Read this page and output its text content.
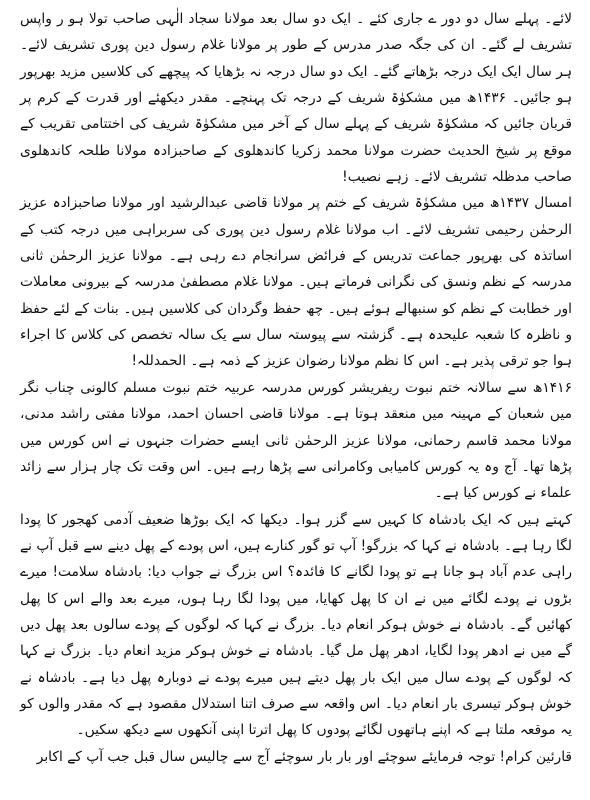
لائے۔ پہلے سال دو دور ے جاری کئے ۔ ایک دو سال بعد مولانا سجاد الٰہی صاحب تولا ہو ر واپس تشریف لے گئے۔ ان کی جگہ صدر مدرس کے طور پر مولانا غلام رسول دین پوری تشریف لائے۔ ہر سال ایک ایک درجہ بڑھاتے گئے۔ ایک دو سال درجہ نہ بڑھایا کہ پیچھے کی کلاسیں مزید بھرپور ہو جائیں۔ ۱۴۳۶ھ میں مشکوٰۃ شریف کے درجہ تک پہنچے۔ مقدر دیکھئے اور قدرت کے کرم پر قربان جائیں کہ مشکوٰۃ شریف کے پہلے سال کے آخر میں مشکوٰۃ شریف کی اختتامی تقریب کے موقع پر شیخ الحدیث حضرت مولانا محمد زکریا کاندھلوی کے صاحبزادہ مولانا طلحہ کاندھلوی صاحب مدظلہ تشریف لائے۔ زہے نصیب!

امسال ۱۴۳۷ھ میں مشکوٰۃ شریف کے ختم پر مولانا قاضی عبدالرشید اور مولانا صاحبزادہ عزیز الرحمٰن رحیمی تشریف لائے۔ اب مولانا غلام رسول دین پوری کی سربراہی میں درجہ کتب کے اساتذہ کی بھرپور جماعت تدریس کے فرائض سرانجام دے رہی ہے۔ مولانا عزیز الرحمٰن ثانی مدرسہ کے نظم ونسق کی نگرانی فرماتے ہیں۔ مولانا غلام مصطفیٰ مدرسہ کے بیرونی معاملات اور خطابت کے نظم کو سنبھالے ہوئے ہیں۔ چھ حفظ وگردان کی کلاسیں ہیں۔ بنات کے لئے حفظ و ناظرہ کا شعبہ علیحدہ ہے۔ گزشتہ سے پیوستہ سال سے یک سالہ تخصص کی کلاس کا اجراء ہوا جو ترقی پذیر ہے۔ اس کا نظم مولانا رضوان عزیز کے ذمہ ہے۔ الحمدللہ!

۱۴۱۶ھ سے سالانہ ختم نبوت ریفریشر کورس مدرسہ عربیہ ختم نبوت مسلم کالونی چناب نگر میں شعبان کے مہینہ میں منعقد ہوتا ہے۔ مولانا قاضی احسان احمد، مولانا مفتی راشد مدنی، مولانا محمد قاسم رحمانی، مولانا عزیز الرحمٰن ثانی ایسے حضرات جنہوں نے اس کورس میں پڑھا تھا۔ آج وہ یہ کورس کامیابی وکامرانی سے پڑھا رہے ہیں۔ اس وقت تک چار ہزار سے زائد علماء نے کورس کیا ہے۔

کہتے ہیں کہ ایک بادشاہ کا کہیں سے گزر ہوا۔ دیکھا کہ ایک بوڑھا ضعیف آدمی کھجور کا پودا لگا رہا ہے۔ بادشاہ نے کہا کہ بزرگو! آپ تو گور کنارے ہیں، اس پودے کے پھل دینے سے قبل آپ نے راہی عدم آباد ہو جانا ہے تو پودا لگانے کا فائدہ؟ اس بزرگ نے جواب دیا: بادشاہ سلامت! میرے بڑوں نے پودے لگائے میں نے ان کا پھل کھایا، میں پودا لگا رہا ہوں، میرے بعد والے اس کا پھل کھائیں گے۔ بادشاہ نے خوش ہوکر انعام دیا۔ بزرگ نے کہا کہ لوگوں کے پودے سالوں بعد پھل دیں گے میں نے ادھر پودا لگایا، ادھر پھل مل گیا۔ بادشاہ نے خوش ہوکر مزید انعام دیا۔ بزرگ نے کہا کہ لوگوں کے پودے سال میں ایک بار پھل دیتے ہیں میرے پودے نے دوبارہ پھل دیا ہے۔ بادشاہ نے خوش ہوکر تیسری بار انعام دیا۔ اس واقعہ سے صرف اتنا استدلال مقصود ہے کہ مقدر والوں کو یہ موقعہ ملتا ہے کہ اپنے ہاتھوں لگائے پودوں کا پھل اترتا اپنی آنکھوں سے دیکھ سکیں۔

قارئین کرام! توجہ فرمایئے سوچئے اور بار بار سوچئے آج سے چالیس سال قبل جب آپ کے اکابر
